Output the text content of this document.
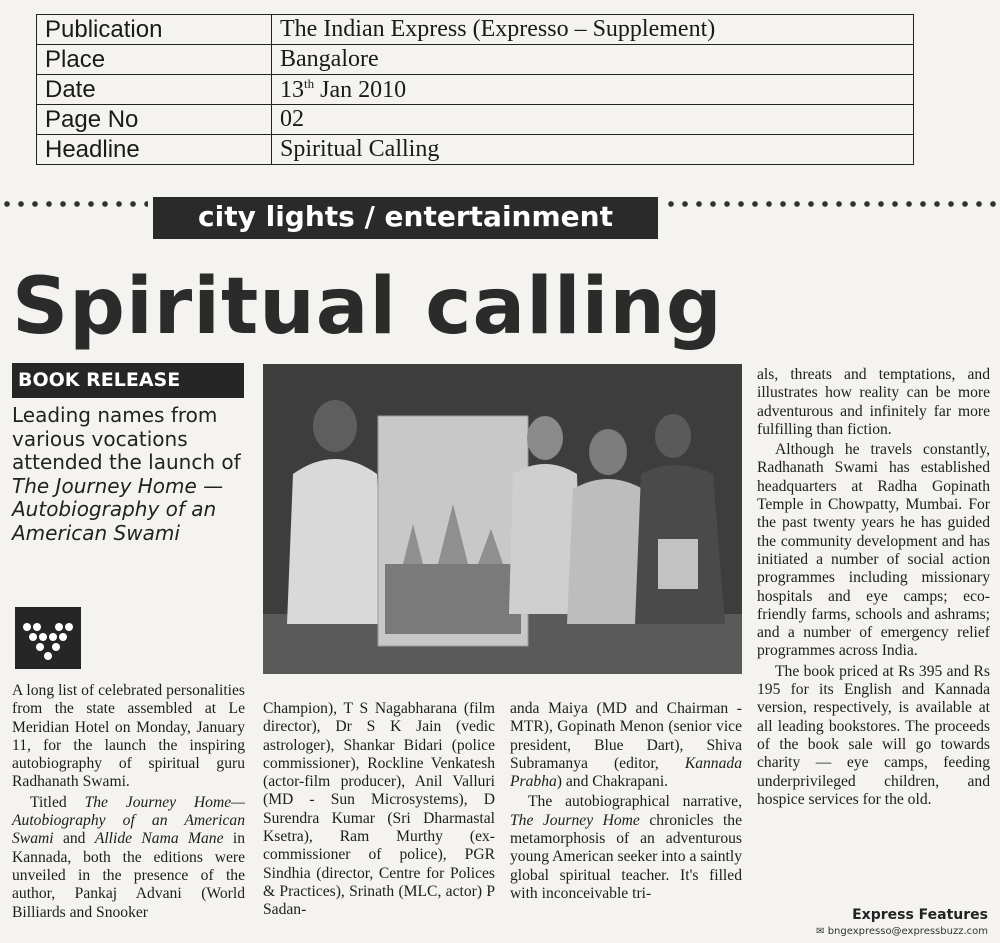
Publication	The Indian Express (Expresso – Supplement)
Place	Bangalore
Date	13th Jan 2010
Page No	02
Headline	Spiritual Calling
city lights / entertainment
Spiritual calling
BOOK RELEASE

Leading names from various vocations attended the launch of The Journey Home — Autobiography of an American Swami

A long list of celebrated personalities from the state assembled at Le Meridian Hotel on Monday, January 11, for the launch the inspiring autobiography of spiritual guru Radhanath Swami.

Titled The Journey Home— Autobiography of an American Swami and Allide Nama Mane in Kannada, both the editions were unveiled in the presence of the author, Pankaj Advani (World Billiards and Snooker

Champion), T S Nagabharana (film director), Dr S K Jain (vedic astrologer), Shankar Bidari (police commissioner), Rockline Venkatesh (actor-film producer), Anil Valluri (MD - Sun Microsystems), D Surendra Kumar (Sri Dharmastal Ksetra), Ram Murthy (ex-commissioner of police), PGR Sindhia (director, Centre for Polices & Practices), Srinath (MLC, actor) P Sadan-

anda Maiya (MD and Chairman - MTR), Gopinath Menon (senior vice president, Blue Dart), Shiva Subramanya (editor, Kannada Prabha) and Chakrapani.

The autobiographical narrative, The Journey Home chronicles the metamorphosis of an adventurous young American seeker into a saintly global spiritual teacher. It's filled with inconceivable tri-

als, threats and temptations, and illustrates how reality can be more adventurous and infinitely far more fulfilling than fiction.

Although he travels constantly, Radhanath Swami has established headquarters at Radha Gopinath Temple in Chowpatty, Mumbai. For the past twenty years he has guided the community development and has initiated a number of social action programmes including missionary hospitals and eye camps; eco-friendly farms, schools and ashrams; and a number of emergency relief programmes across India.

The book priced at Rs 395 and Rs 195 for its English and Kannada version, respectively, is available at all leading bookstores. The proceeds of the book sale will go towards charity — eye camps, feeding underprivileged children, and hospice services for the old.

Express Features

✉ bngexpresso@expressbuzz.com
